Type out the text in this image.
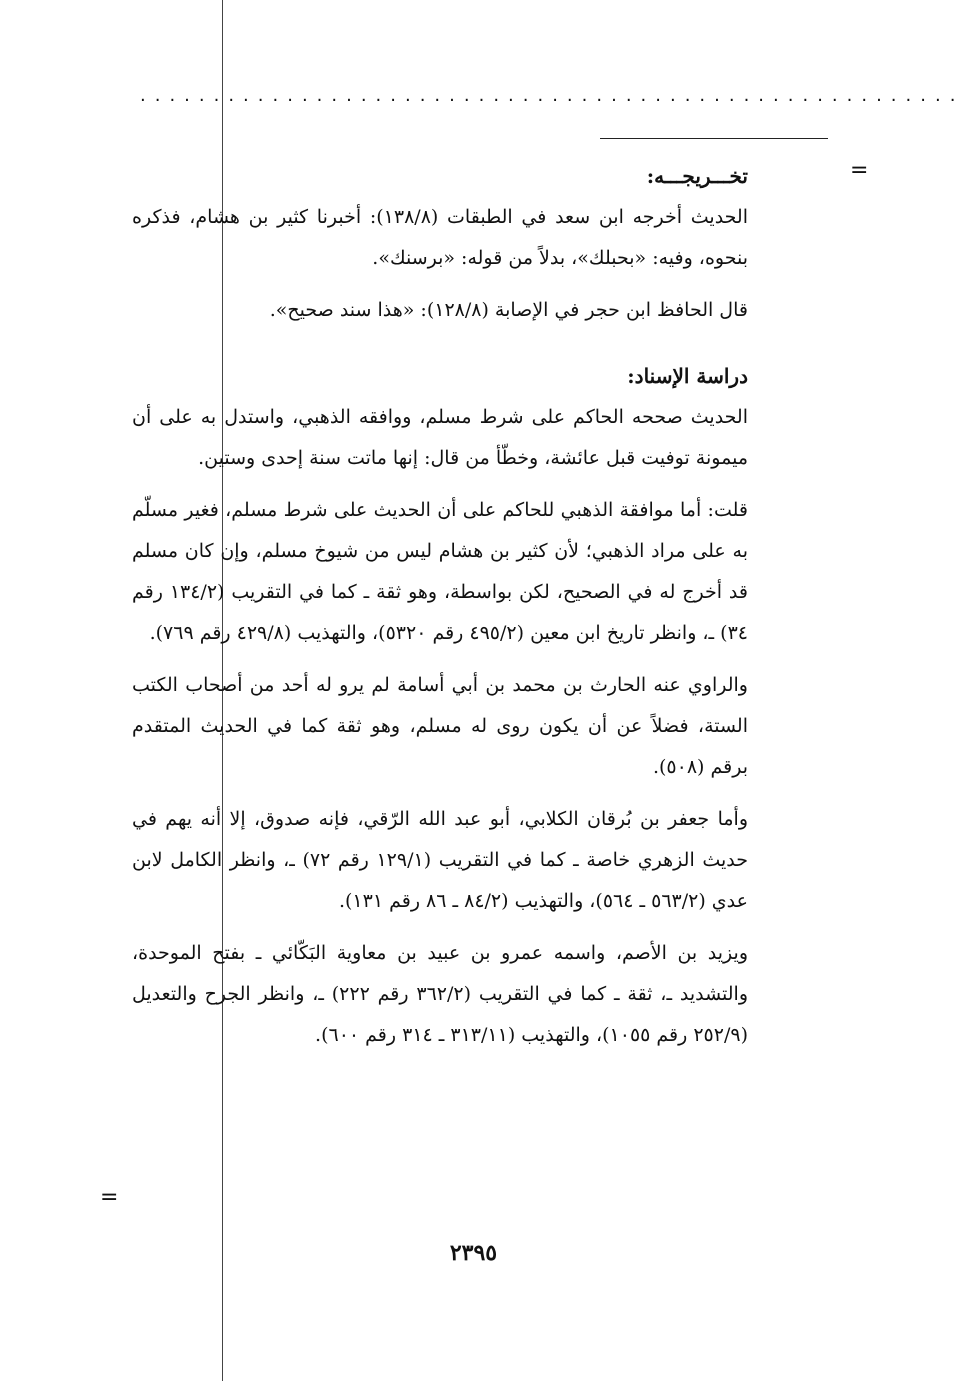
........................................................
=
=

تخـــريجـــه:

الحديث أخرجه ابن سعد في الطبقات (١٣٨/٨): أخبرنا كثير بن هشام، فذكره بنحوه، وفيه: «بحبلك»، بدلاً من قوله: «برسنك».

قال الحافظ ابن حجر في الإصابة (١٢٨/٨): «هذا سند صحيح».

دراسة الإسناد:

الحديث صححه الحاكم على شرط مسلم، ووافقه الذهبي، واستدل به على أن ميمونة توفيت قبل عائشة، وخطّأ من قال: إنها ماتت سنة إحدى وستين.

قلت: أما موافقة الذهبي للحاكم على أن الحديث على شرط مسلم، فغير مسلّم به على مراد الذهبي؛ لأن كثير بن هشام ليس من شيوخ مسلم، وإن كان مسلم قد أخرج له في الصحيح، لكن بواسطة، وهو ثقة ـ كما في التقريب (١٣٤/٢ رقم ٣٤) ـ، وانظر تاريخ ابن معين (٤٩٥/٢ رقم ٥٣٢٠)، والتهذيب (٤٢٩/٨ رقم ٧٦٩).

والراوي عنه الحارث بن محمد بن أبي أسامة لم يرو له أحد من أصحاب الكتب الستة، فضلاً عن أن يكون روى له مسلم، وهو ثقة كما في الحديث المتقدم برقم (٥٠٨).

وأما جعفر بن بُرقان الكلابي، أبو عبد الله الرّقي، فإنه صدوق، إلا أنه يهم في حديث الزهري خاصة ـ كما في التقريب (١٢٩/١ رقم ٧٢) ـ، وانظر الكامل لابن عدي (٥٦٣/٢ ـ ٥٦٤)، والتهذيب (٨٤/٢ ـ ٨٦ رقم ١٣١).

ويزيد بن الأصم، واسمه عمرو بن عبيد بن معاوية البَكّائي ـ بفتح الموحدة، والتشديد ـ، ثقة ـ كما في التقريب (٣٦٢/٢ رقم ٢٢٢) ـ، وانظر الجرح والتعديل (٢٥٢/٩ رقم ١٠٥٥)، والتهذيب (٣١٣/١١ ـ ٣١٤ رقم ٦٠٠).

٢٣٩٥
